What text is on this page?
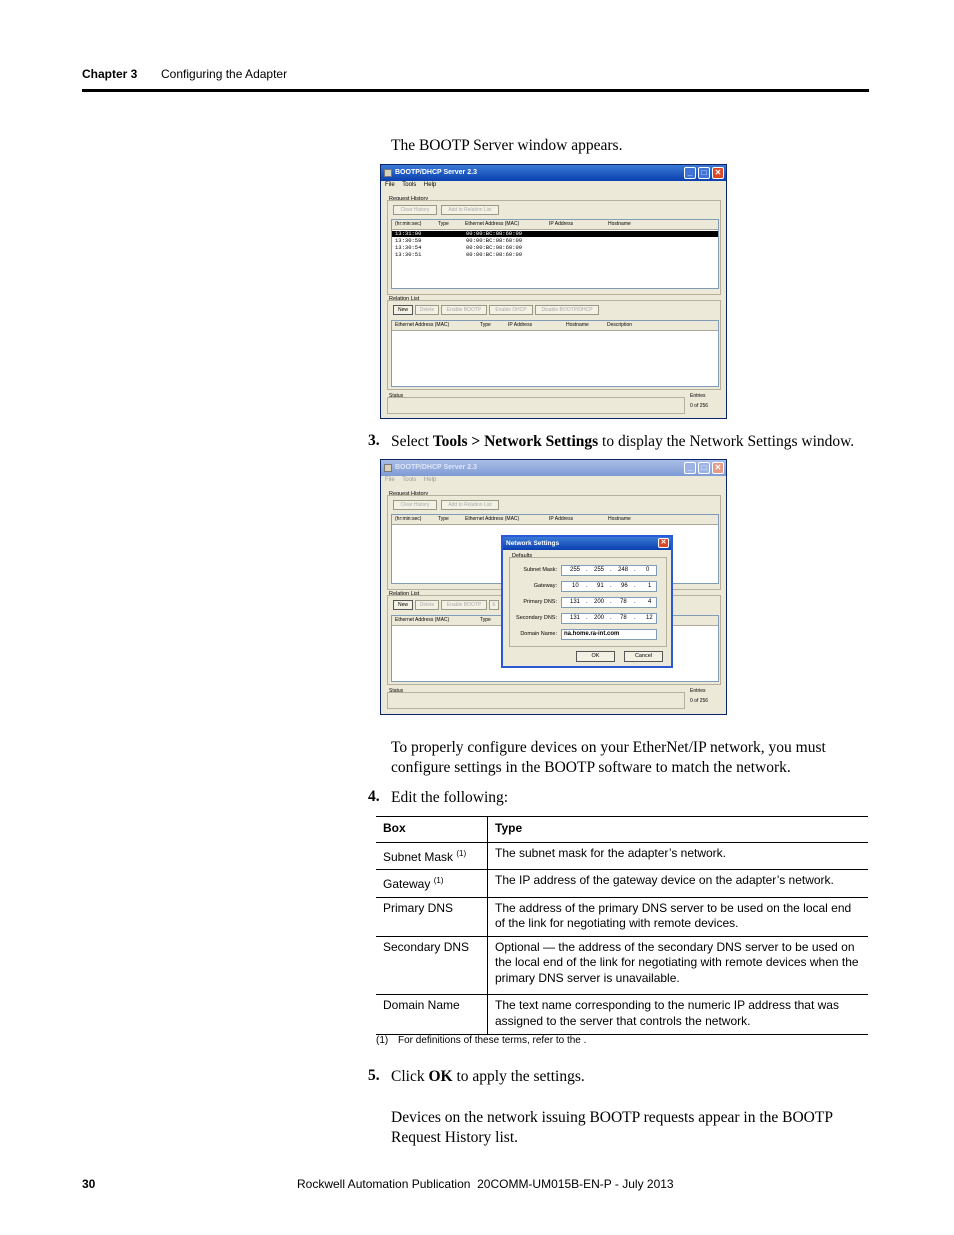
Chapter 3 Configuring the Adapter
The BOOTP Server window appears.
BOOTP/DHCP Server 2.3	_	□	✕
File Tools Help
Request History
Clear History	Add to Relation List
(hr:min:sec)	Type	Ethernet Address (MAC)	IP Address	Hostname
13:31:00	00:00:BC:08:60:09
13:30:59	00:00:BC:08:60:09
13:30:54	00:00:BC:08:60:09
13:30:51	00:00:BC:08:60:09
Relation List
New	Delete	Enable BOOTP	Enable DHCP	Disable BOOTP/DHCP
Ethernet Address (MAC)	Type	IP Address	Hostname	Description
Status	Entries
0 of 256
3. Select Tools > Network Settings to display the Network Settings window.
BOOTP/DHCP Server 2.3	_	□	✕
File Tools Help
Request History
Clear History	Add to Relation List
(hr:min:sec)	Type	Ethernet Address (MAC)	IP Address	Hostname
Relation List
New	Delete	Enable BOOTP	E
Ethernet Address (MAC)	Type
Status	Entries
0 of 256
Network Settings	✕
Defaults
Subnet Mask: 255 . 255 . 248 . 0
Gateway:	10 . 91 . 96 . 1
Primary DNS: 131 . 200 . 78 . 4
Secondary DNS: 131 . 200 . 78 . 12
Domain Name: na.home.ra-int.com
OK	Cancel
To properly configure devices on your EtherNet/IP network, you must
configure settings in the BOOTP software to match the network.
4. Edit the following:
Box	Type
Subnet Mask $^{(1)}$	The subnet mask for the adapter’s network.
Gateway $^{(1)}$	The IP address of the gateway device on the adapter’s network.
Primary DNS	The address of the primary DNS server to be used on the local end of the link for negotiating with remote devices.
Secondary DNS	Optional — the address of the secondary DNS server to be used on the local end of the link for negotiating with remote devices when the primary DNS server is unavailable.
Domain Name	The text name corresponding to the numeric IP address that was assigned to the server that controls the network.
(1) For definitions of these terms, refer to the .
5. Click OK to apply the settings.
Devices on the network issuing BOOTP requests appear in the BOOTP
Request History list.
30	Rockwell Automation Publication  20COMM-UM015B-EN-P - July 2013
